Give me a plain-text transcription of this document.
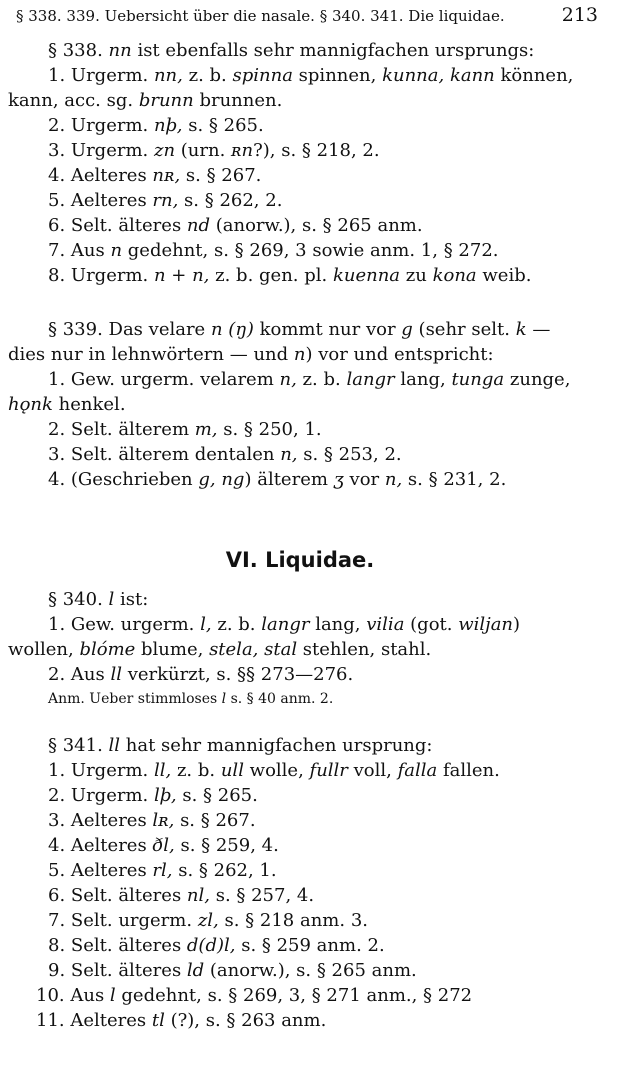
§ 338. 339. Uebersicht über die nasale. § 340. 341. Die liquidae.	213
§ 338. nn ist ebenfalls sehr mannigfachen ursprungs:
1. Urgerm. nn, z. b. spinna spinnen, kunna, kann können,
kann, acc. sg. brunn brunnen.
2. Urgerm. nþ, s. § 265.
3. Urgerm. zn (urn. ʀn?), s. § 218, 2.
4. Aelteres nʀ, s. § 267.
5. Aelteres rn, s. § 262, 2.
6. Selt. älteres nd (anorw.), s. § 265 anm.
7. Aus n gedehnt, s. § 269, 3 sowie anm. 1, § 272.
8. Urgerm. n + n, z. b. gen. pl. kuenna zu kona weib.
§ 339. Das velare n (ŋ) kommt nur vor g (sehr selt. k —
dies nur in lehnwörtern — und n) vor und entspricht:
1. Gew. urgerm. velarem n, z. b. langr lang, tunga zunge,
hǫnk henkel.
2. Selt. älterem m, s. § 250, 1.
3. Selt. älterem dentalen n, s. § 253, 2.
4. (Geschrieben g, ng) älterem ʒ vor n, s. § 231, 2.
VI. Liquidae.
§ 340. l ist:
1. Gew. urgerm. l, z. b. langr lang, vilia (got. wiljan)
wollen, blóme blume, stela, stal stehlen, stahl.
2. Aus ll verkürzt, s. §§ 273—276.
Anm. Ueber stimmloses l s. § 40 anm. 2.
§ 341. ll hat sehr mannigfachen ursprung:
1. Urgerm. ll, z. b. ull wolle, fullr voll, falla fallen.
2. Urgerm. lþ, s. § 265.
3. Aelteres lʀ, s. § 267.
4. Aelteres ðl, s. § 259, 4.
5. Aelteres rl, s. § 262, 1.
6. Selt. älteres nl, s. § 257, 4.
7. Selt. urgerm. zl, s. § 218 anm. 3.
8. Selt. älteres d(d)l, s. § 259 anm. 2.
9. Selt. älteres ld (anorw.), s. § 265 anm.
10. Aus l gedehnt, s. § 269, 3, § 271 anm., § 272
11. Aelteres tl (?), s. § 263 anm.
